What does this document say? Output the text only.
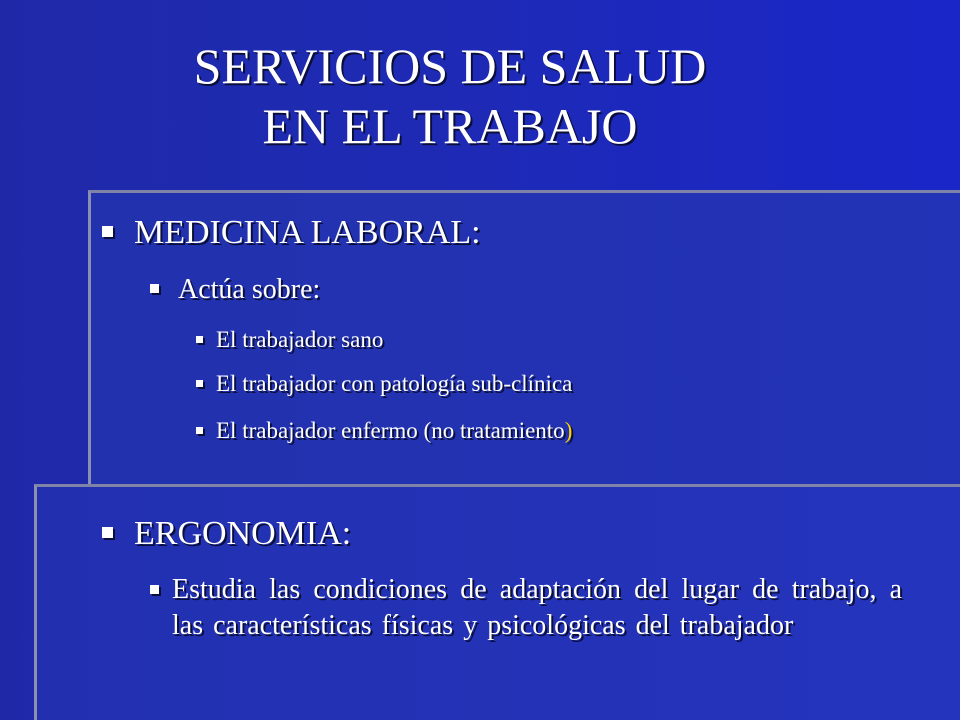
SERVICIOS DE SALUD
EN EL TRABAJO
MEDICINA LABORAL:
Actúa sobre:
El trabajador sano
El trabajador con patología sub-clínica
El trabajador enfermo (no tratamiento)
ERGONOMIA:
Estudia las condiciones de adaptación del lugar de trabajo, a las características físicas y psicológicas del trabajador
